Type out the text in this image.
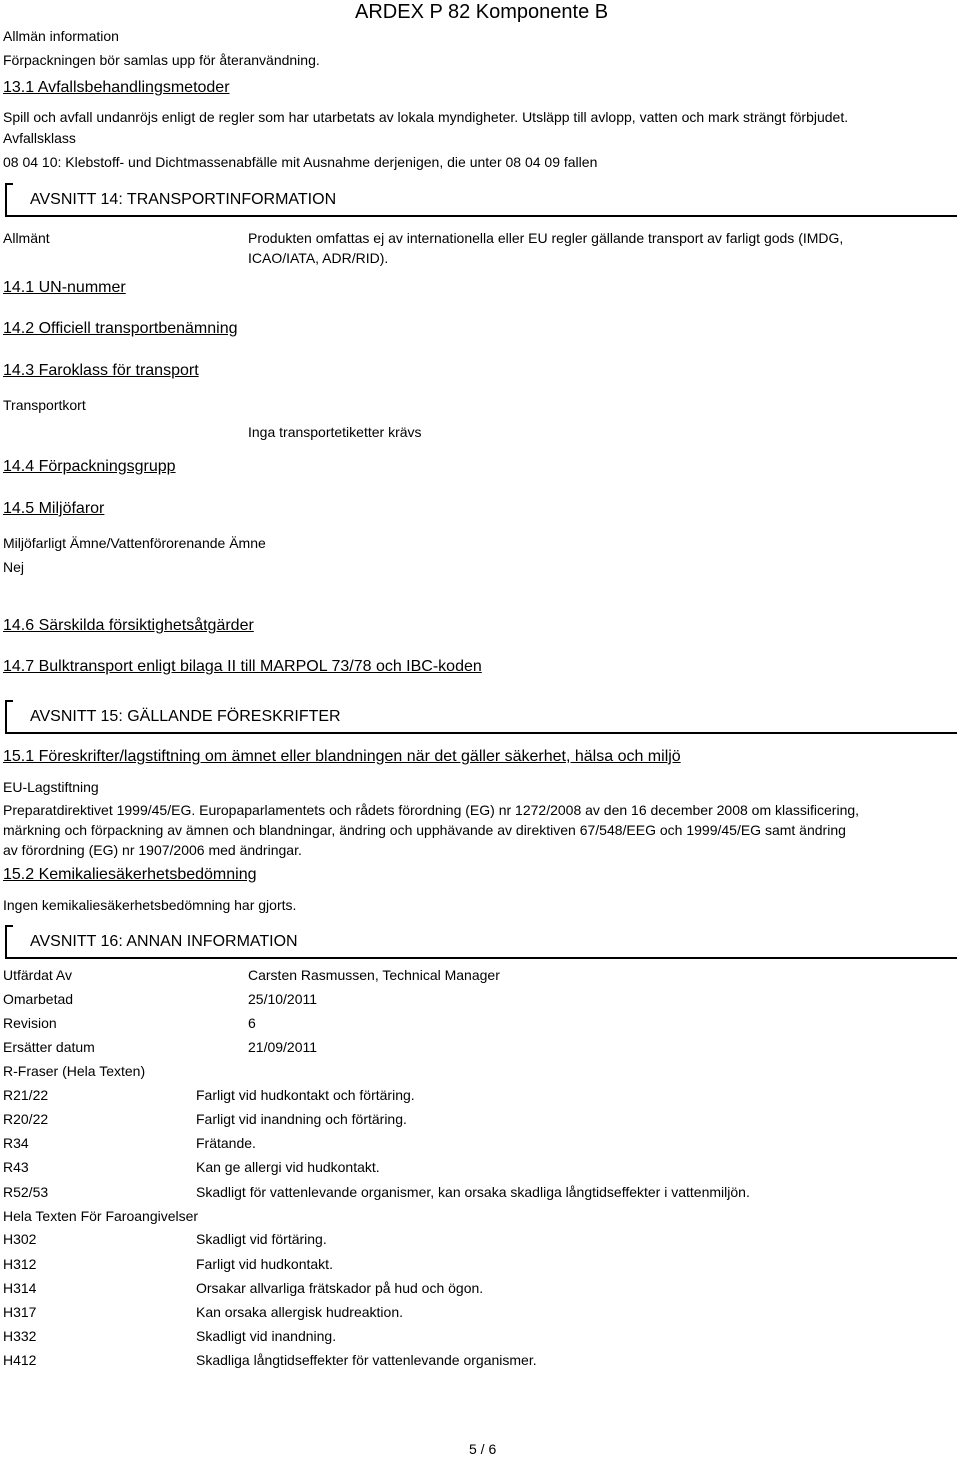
Allmän information
ARDEX P 82 Komponente B
Förpackningen bör samlas upp för återanvändning.
13.1 Avfallsbehandlingsmetoder
Spill och avfall undanröjs enligt de regler som har utarbetats av lokala myndigheter. Utsläpp till avlopp, vatten och mark strängt förbjudet.
Avfallsklass
08 04 10: Klebstoff- und Dichtmassenabfälle mit Ausnahme derjenigen, die unter 08 04 09 fallen
AVSNITT 14: TRANSPORTINFORMATION
Allmänt	Produkten omfattas ej av internationella eller EU regler gällande transport av farligt gods (IMDG,
ICAO/IATA, ADR/RID).
14.1 UN-nummer
14.2 Officiell transportbenämning
14.3 Faroklass för transport
Transportkort
Inga transportetiketter krävs
14.4 Förpackningsgrupp
14.5 Miljöfaror
Miljöfarligt Ämne/Vattenförorenande Ämne
Nej
14.6 Särskilda försiktighetsåtgärder
14.7 Bulktransport enligt bilaga II till MARPOL 73/78 och IBC-koden
AVSNITT 15: GÄLLANDE FÖRESKRIFTER
15.1 Föreskrifter/lagstiftning om ämnet eller blandningen när det gäller säkerhet, hälsa och miljö
EU-Lagstiftning
Preparatdirektivet 1999/45/EG. Europaparlamentets och rådets förordning (EG) nr 1272/2008 av den 16 december 2008 om klassificering,
märkning och förpackning av ämnen och blandningar, ändring och upphävande av direktiven 67/548/EEG och 1999/45/EG samt ändring
av förordning (EG) nr 1907/2006 med ändringar.
15.2 Kemikaliesäkerhetsbedömning
Ingen kemikaliesäkerhetsbedömning har gjorts.
AVSNITT 16: ANNAN INFORMATION
Utfärdat Av	Carsten Rasmussen, Technical Manager
Omarbetad	25/10/2011
Revision	6
Ersätter datum	21/09/2011
R-Fraser (Hela Texten)
R21/22	Farligt vid hudkontakt och förtäring.
R20/22	Farligt vid inandning och förtäring.
R34	Frätande.
R43	Kan ge allergi vid hudkontakt.
R52/53	Skadligt för vattenlevande organismer, kan orsaka skadliga långtidseffekter i vattenmiljön.
Hela Texten För Faroangivelser
H302	Skadligt vid förtäring.
H312	Farligt vid hudkontakt.
H314	Orsakar allvarliga frätskador på hud och ögon.
H317	Kan orsaka allergisk hudreaktion.
H332	Skadligt vid inandning.
H412	Skadliga långtidseffekter för vattenlevande organismer.
5 / 6
